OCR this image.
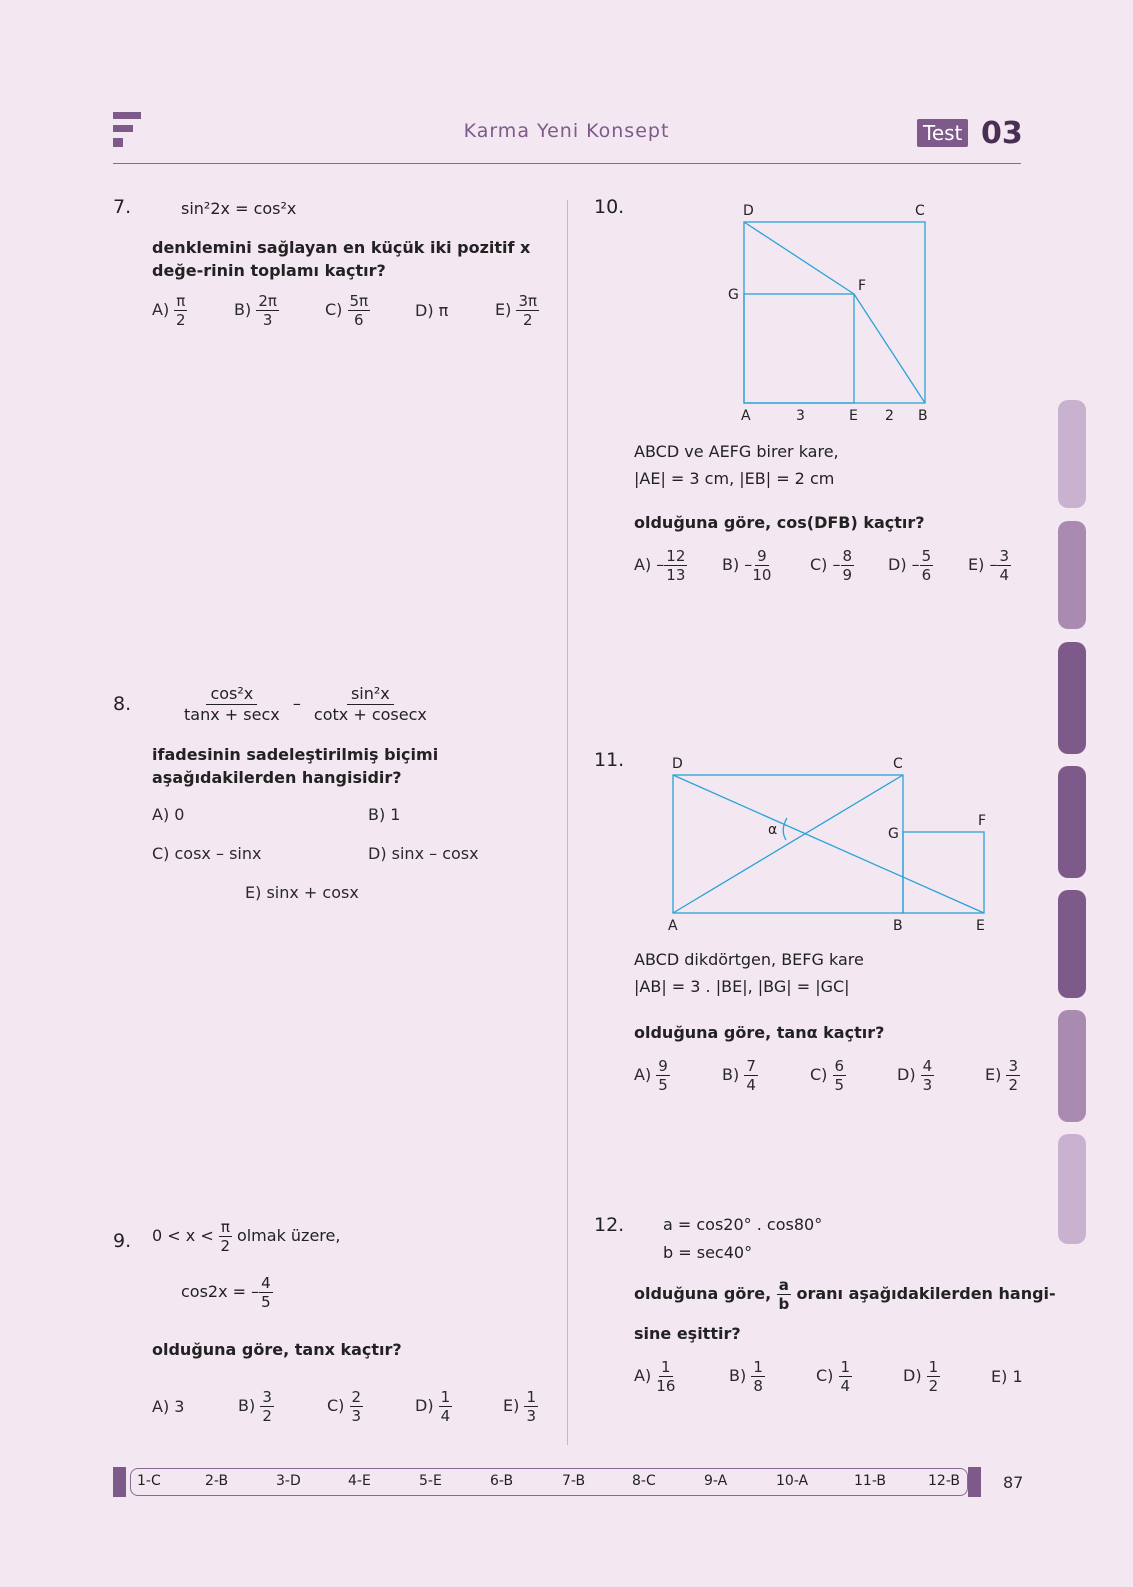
Karma Yeni Konsept	Test 03
7.	sin²2x = cos²x
denklemini sağlayan en küçük iki pozitif x değe-rinin toplamı kaçtır?
$A) \frac{\pi}{2}$	$B) \frac{2\pi}{3}$	$C) \frac{5\pi}{6}$	D) π	$E) \frac{3\pi}{2}$
8.	$\frac{\text{cos²x}}{\tan x + \sec x} - \frac{\text{sin²x}}{\cot x + cosecx}$
ifadesinin sadeleştirilmiş biçimi aşağıdakilerden hangisidir?
A) 0	B) 1
C) cosx – sinx	D) sinx – cosx
E) sinx + cosx
9. $0 < x < \frac{\pi}{2}$ olmak üzere,
cos2x = – $\frac{4}{5}$
olduğuna göre, tanx kaçtır?
A) 3	$B) \frac{3}{2}$	$C) \frac{2}{3}$	$D) \frac{1}{4}$	$E) \frac{1}{3}$
10.	D	C
G
F
A	3	E 2 B
ABCD ve AEFG birer kare,
|AE| = 3 cm, |EB| = 2 cm
olduğuna göre, cos(DFB) kaçtır?
$A) - \frac{12}{13} B) - \frac{9}{10} C) - \frac{8}{9} D) - \frac{5}{6} E) - \frac{3}{4}$
11.	D	C
F
G
α
A	B	E
ABCD dikdörtgen, BEFG kare
|AB| = 3 . |BE|, |BG| = |GC|
olduğuna göre, tanα kaçtır?
$A) \frac{9}{5}$	$B) \frac{7}{4}$	$C) \frac{6}{5}$	$D) \frac{4}{3}$	$E) \frac{3}{2}$
12. a = cos20° . cos80°
b = sec40°
olduğuna göre, $\frac{a}{b}$ oranı aşağıdakilerden hangi-
sine eşittir?
$A) \frac{1}{16}$	$B) \frac{1}{8}$	$C) \frac{1}{4}$	$D) \frac{1}{2}$	E) 1
1-C	2-B	3-D	4-E	5-E	6-B	7-B	8-C	9-A	10-A	11-B	12-B	87
